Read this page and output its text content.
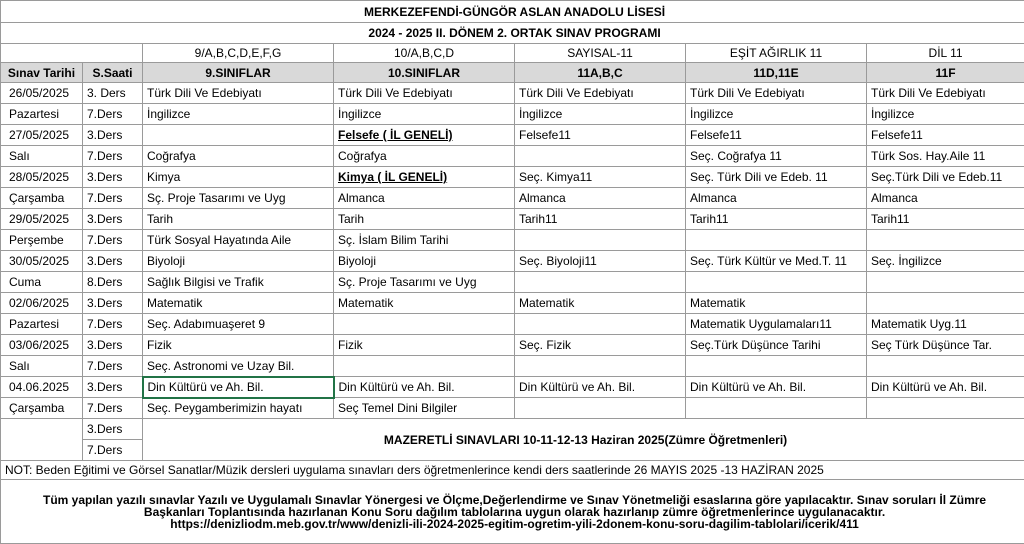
MERKEZEFENDİ-GÜNGÖR ASLAN ANADOLU LİSESİ						
2024 - 2025 II. DÖNEM 2. ORTAK SINAV PROGRAMI						
		9/A,B,C,D,E,F,G	10/A,B,C,D	SAYISAL-11	EŞİT AĞIRLIK 11	DİL 11
Sınav Tarihi	S.Saati	9.SINIFLAR	10.SINIFLAR	11A,B,C	11D,11E	11F
26/05/2025	3. Ders	Türk Dili Ve Edebiyatı	Türk Dili Ve Edebiyatı	Türk Dili Ve Edebiyatı	Türk Dili Ve Edebiyatı	Türk Dili Ve Edebiyatı
Pazartesi	7.Ders	İngilizce	İngilizce	İngilizce	İngilizce	İngilizce
27/05/2025	3.Ders		Felsefe ( İL GENELİ)	Felsefe11	Felsefe11	Felsefe11
Salı	7.Ders	Coğrafya	Coğrafya		Seç. Coğrafya 11	Türk Sos. Hay.Aile 11
28/05/2025	3.Ders	Kimya	Kimya ( İL GENELİ)	Seç. Kimya11	Seç. Türk Dili ve Edeb. 11	Seç.Türk Dili ve Edeb.11
Çarşamba	7.Ders	Sç. Proje Tasarımı ve Uyg	Almanca	Almanca	Almanca	Almanca
29/05/2025	3.Ders	Tarih	Tarih	Tarih11	Tarih11	Tarih11
Perşembe	7.Ders	Türk Sosyal Hayatında Aile	Sç. İslam Bilim Tarihi			
30/05/2025	3.Ders	Biyoloji	Biyoloji	Seç. Biyoloji11	Seç. Türk Kültür ve Med.T. 11	Seç. İngilizce
Cuma	8.Ders	Sağlık Bilgisi ve Trafik	Sç. Proje Tasarımı ve Uyg			
02/06/2025	3.Ders	Matematik	Matematik	Matematik	Matematik	
Pazartesi	7.Ders	Seç. Adabımuaşeret 9			Matematik Uygulamaları11	Matematik Uyg.11
03/06/2025	3.Ders	Fizik	Fizik	Seç. Fizik	Seç.Türk Düşünce Tarihi	Seç Türk Düşünce Tar.
Salı	7.Ders	Seç. Astronomi ve Uzay Bil.				
04.06.2025	3.Ders	Din Kültürü ve Ah. Bil.	Din Kültürü ve Ah. Bil.	Din Kültürü ve Ah. Bil.	Din Kültürü ve Ah. Bil.	Din Kültürü ve Ah. Bil.
Çarşamba	7.Ders	Seç. Peygamberimizin hayatı	Seç Temel Dini Bilgiler			
	3.Ders	MAZERETLİ SINAVLARI 10-11-12-13 Haziran 2025(Zümre Öğretmenleri)				
	7.Ders					
NOT: Beden Eğitimi ve Görsel Sanatlar/Müzik dersleri uygulama sınavları ders öğretmenlerince kendi ders saatlerinde 26 MAYIS 2025 -13 HAZİRAN 2025						

Tüm yapılan yazılı sınavlar Yazılı ve Uygulamalı Sınavlar Yönergesi ve Ölçme,Değerlendirme ve Sınav Yönetmeliği esaslarına göre yapılacaktır. Sınav soruları İl Zümre
Başkanları Toplantısında hazırlanan Konu Soru dağılım tablolarına uygun olarak hazırlanıp zümre öğretmenlerince uygulanacaktır.
https://denizliodm.meb.gov.tr/www/denizli-ili-2024-2025-egitim-ogretim-yili-2donem-konu-soru-dagilim-tablolari/icerik/411						
